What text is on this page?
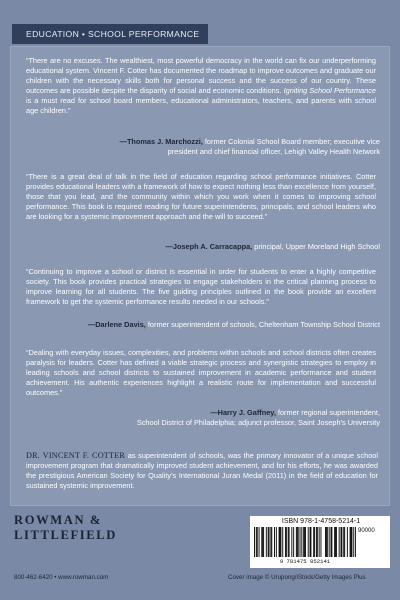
EDUCATION • SCHOOL PERFORMANCE
“There are no excuses. The wealthiest, most powerful democracy in the world can fix our underperforming educational system. Vincent F. Cotter has documented the roadmap to improve outcomes and graduate our children with the necessary skills both for personal success and the success of our country. These outcomes are possible despite the disparity of social and economic conditions. Igniting School Performance is a must read for school board members, educational administrators, teachers, and parents with school age children.”
—Thomas J. Marchozzi, former Colonial School Board member; executive vice
president and chief financial officer, Lehigh Valley Health Network
“There is a great deal of talk in the field of education regarding school performance initiatives. Cotter provides educational leaders with a framework of how to expect nothing less than excellence from yourself, those that you lead, and the community within which you work when it comes to improving school performance. This book is required reading for future superintendents, principals, and school leaders who are looking for a systemic improvement approach and the will to succeed.”
—Joseph A. Carracappa, principal, Upper Moreland High School
“Continuing to improve a school or district is essential in order for students to enter a highly competitive society. This book provides practical strategies to engage stakeholders in the critical planning process to improve learning for all students. The five guiding principles outlined in the book provide an excellent framework to get the systemic performance results needed in our schools.”
—Darlene Davis, former superintendent of schools, Cheltenham Township School District
“Dealing with everyday issues, complexities, and problems within schools and school districts often creates paralysis for leaders. Cotter has defined a viable strategic process and synergistic strategies to employ in leading schools and school districts to sustained improvement in academic performance and student achievement. His authentic experiences highlight a realistic route for implementation and successful outcomes.”
—Harry J. Gaffney, former regional superintendent,
School District of Philadelphia; adjunct professor, Saint Joseph’s University
DR. VINCENT F. COTTER as superintendent of schools, was the primary innovator of a unique school improvement program that dramatically improved student achievement, and for his efforts, he was awarded the prestigious American Society for Quality’s International Juran Medal (2011) in the field of education for sustained systemic improvement.
ROWMAN &
LITTLEFIELD
800-462-6420 • www.rowman.com	Cover image © Urupong/iStock/Getty Images Plus
ISBN 978-1-4758-5214-1
90000
9 781475 852141
